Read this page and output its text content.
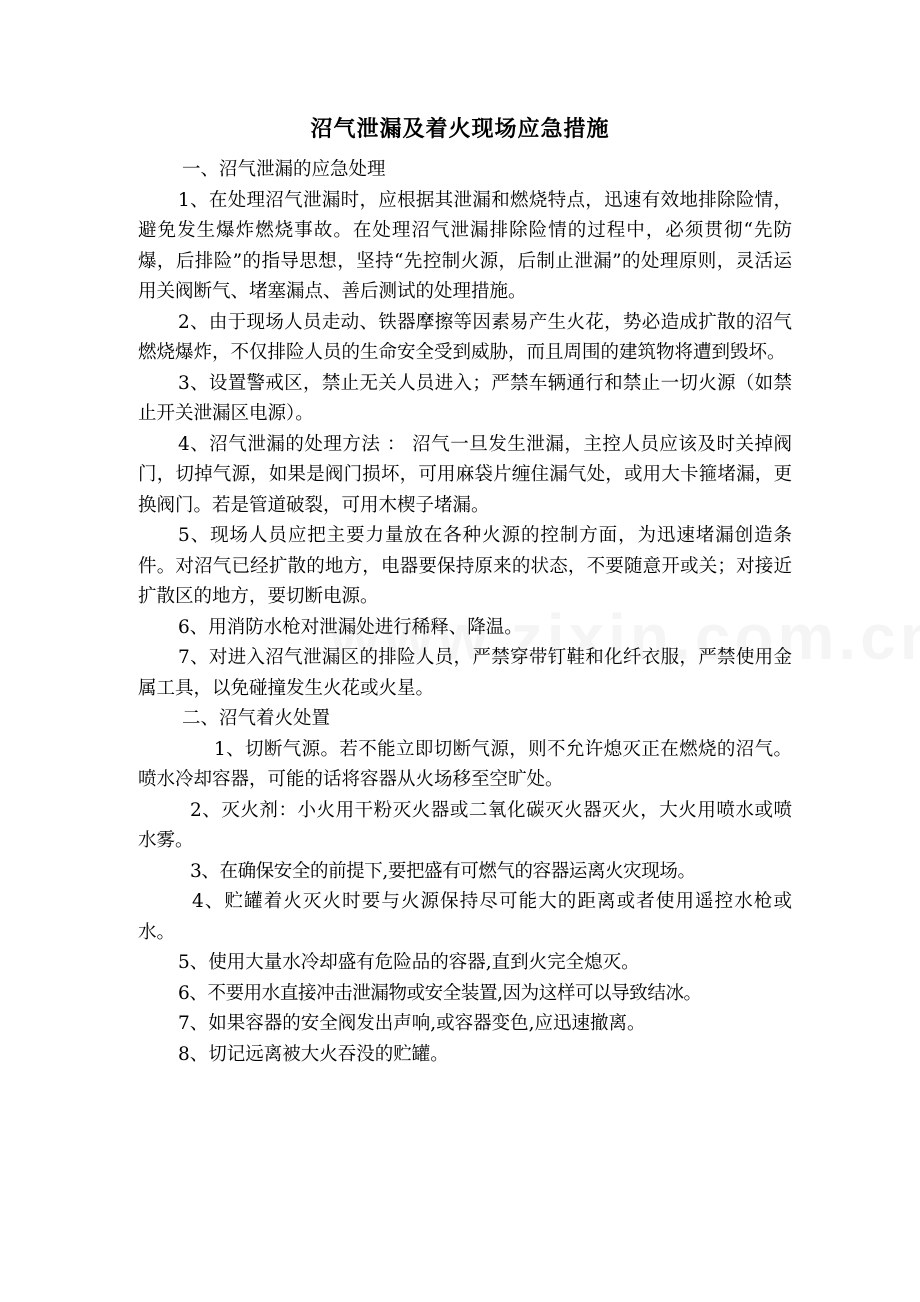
沼气泄漏及着火现场应急措施

一、沼气泄漏的应急处理

1、在处理沼气泄漏时，应根据其泄漏和燃烧特点，迅速有效地排除险情，避免发生爆炸燃烧事故。在处理沼气泄漏排除险情的过程中，必须贯彻“先防爆，后排险”的指导思想，坚持“先控制火源，后制止泄漏”的处理原则，灵活运用关阀断气、堵塞漏点、善后测试的处理措施。

2、由于现场人员走动、铁器摩擦等因素易产生火花，势必造成扩散的沼气燃烧爆炸，不仅排险人员的生命安全受到威胁，而且周围的建筑物将遭到毁坏。

3、设置警戒区，禁止无关人员进入；严禁车辆通行和禁止一切火源（如禁止开关泄漏区电源）。

4、沼气泄漏的处理方法 ： 沼气一旦发生泄漏，主控人员应该及时关掉阀门，切掉气源，如果是阀门损坏，可用麻袋片缠住漏气处，或用大卡箍堵漏，更换阀门。若是管道破裂，可用木楔子堵漏。

5、现场人员应把主要力量放在各种火源的控制方面，为迅速堵漏创造条件。对沼气已经扩散的地方，电器要保持原来的状态，不要随意开或关；对接近扩散区的地方，要切断电源。

6、用消防水枪对泄漏处进行稀释、降温。

7、对进入沼气泄漏区的排险人员，严禁穿带钉鞋和化纤衣服，严禁使用金属工具，以免碰撞发生火花或火星。

二、沼气着火处置

1、切断气源。若不能立即切断气源，则不允许熄灭正在燃烧的沼气。喷水冷却容器，可能的话将容器从火场移至空旷处。

2、灭火剂：小火用干粉灭火器或二氧化碳灭火器灭火，大火用喷水或喷水雾。

3、在确保安全的前提下,要把盛有可燃气的容器运离火灾现场。

4、贮罐着火灭火时要与火源保持尽可能大的距离或者使用遥控水枪或水。

5、使用大量水冷却盛有危险品的容器,直到火完全熄灭。

6、不要用水直接冲击泄漏物或安全装置,因为这样可以导致结冰。

7、如果容器的安全阀发出声响,或容器变色,应迅速撤离。

8、切记远离被大火吞没的贮罐。
